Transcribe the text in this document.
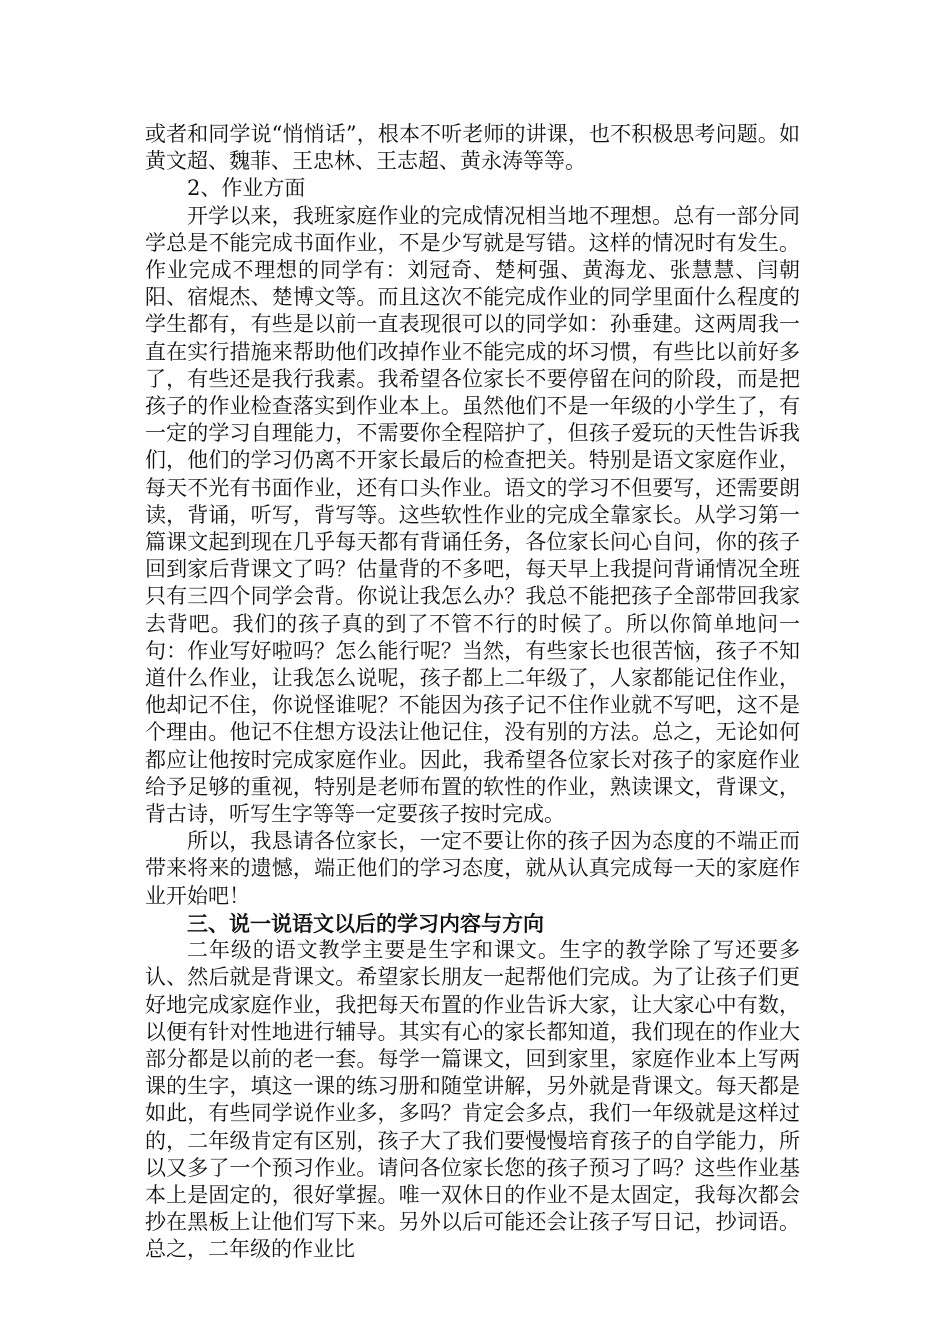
或者和同学说“悄悄话”，根本不听老师的讲课，也不积极思考问题。如黄文超、魏菲、王忠林、王志超、黄永涛等等。

2、作业方面

开学以来，我班家庭作业的完成情况相当地不理想。总有一部分同学总是不能完成书面作业，不是少写就是写错。这样的情况时有发生。作业完成不理想的同学有：刘冠奇、楚柯强、黄海龙、张慧慧、闫朝阳、宿焜杰、楚博文等。而且这次不能完成作业的同学里面什么程度的学生都有，有些是以前一直表现很可以的同学如：孙垂建。这两周我一直在实行措施来帮助他们改掉作业不能完成的坏习惯，有些比以前好多了，有些还是我行我素。我希望各位家长不要停留在问的阶段，而是把孩子的作业检查落实到作业本上。虽然他们不是一年级的小学生了，有一定的学习自理能力，不需要你全程陪护了，但孩子爱玩的天性告诉我们，他们的学习仍离不开家长最后的检查把关。特别是语文家庭作业，每天不光有书面作业，还有口头作业。语文的学习不但要写，还需要朗读，背诵，听写，背写等。这些软性作业的完成全靠家长。从学习第一篇课文起到现在几乎每天都有背诵任务，各位家长问心自问，你的孩子回到家后背课文了吗？估量背的不多吧，每天早上我提问背诵情况全班只有三四个同学会背。你说让我怎么办？我总不能把孩子全部带回我家去背吧。我们的孩子真的到了不管不行的时候了。所以你简单地问一句：作业写好啦吗？怎么能行呢？当然，有些家长也很苦恼，孩子不知道什么作业，让我怎么说呢，孩子都上二年级了，人家都能记住作业，他却记不住，你说怪谁呢？不能因为孩子记不住作业就不写吧，这不是个理由。他记不住想方设法让他记住，没有别的方法。总之，无论如何都应让他按时完成家庭作业。因此，我希望各位家长对孩子的家庭作业给予足够的重视，特别是老师布置的软性的作业，熟读课文，背课文，背古诗，听写生字等等一定要孩子按时完成。

所以，我恳请各位家长，一定不要让你的孩子因为态度的不端正而带来将来的遗憾，端正他们的学习态度，就从认真完成每一天的家庭作业开始吧！

三、说一说语文以后的学习内容与方向

二年级的语文教学主要是生字和课文。生字的教学除了写还要多认、然后就是背课文。希望家长朋友一起帮他们完成。为了让孩子们更好地完成家庭作业，我把每天布置的作业告诉大家，让大家心中有数，以便有针对性地进行辅导。其实有心的家长都知道，我们现在的作业大部分都是以前的老一套。每学一篇课文，回到家里，家庭作业本上写两课的生字，填这一课的练习册和随堂讲解，另外就是背课文。每天都是如此，有些同学说作业多，多吗？肯定会多点，我们一年级就是这样过的，二年级肯定有区别，孩子大了我们要慢慢培育孩子的自学能力，所以又多了一个预习作业。请问各位家长您的孩子预习了吗？这些作业基本上是固定的，很好掌握。唯一双休日的作业不是太固定，我每次都会抄在黑板上让他们写下来。另外以后可能还会让孩子写日记，抄词语。总之，二年级的作业比
